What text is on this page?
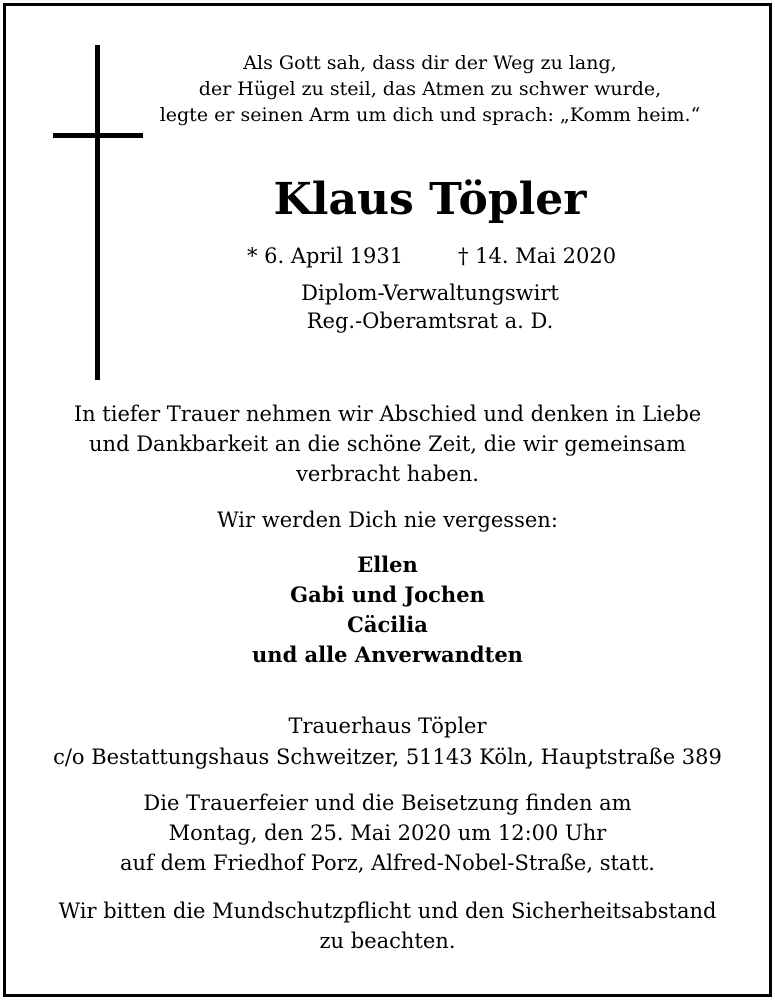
Als Gott sah, dass dir der Weg zu lang,
der Hügel zu steil, das Atmen zu schwer wurde,
legte er seinen Arm um dich und sprach: „Komm heim.“
Klaus Töpler
* 6. April 1931	† 14. Mai 2020
Diplom-Verwaltungswirt
Reg.-Oberamtsrat a. D.
In tiefer Trauer nehmen wir Abschied und denken in Liebe
und Dankbarkeit an die schöne Zeit, die wir gemeinsam
verbracht haben.
Wir werden Dich nie vergessen:
Ellen
Gabi und Jochen
Cäcilia
und alle Anverwandten
Trauerhaus Töpler
c/o Bestattungshaus Schweitzer, 51143 Köln, Hauptstraße 389
Die Trauerfeier und die Beisetzung finden am
Montag, den 25. Mai 2020 um 12:00 Uhr
auf dem Friedhof Porz, Alfred-Nobel-Straße, statt.
Wir bitten die Mundschutzpflicht und den Sicherheitsabstand
zu beachten.
